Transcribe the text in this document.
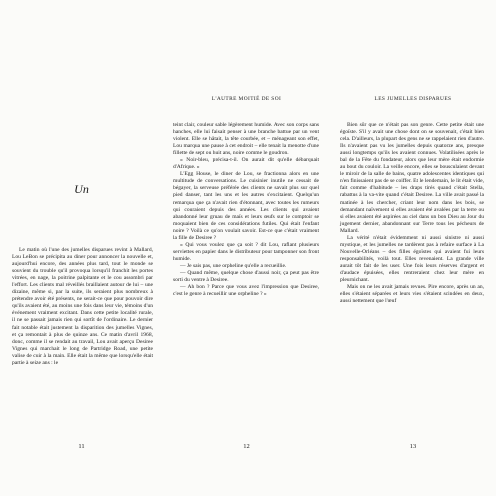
Un

Le matin où l'une des jumelles disparues revint à Mallard, Lou LeBon se précipita au diner pour annoncer la nouvelle et, aujourd'hui encore, des années plus tard, tout le monde se souvient du trouble qu'il provoqua lorsqu'il franchit les portes vitrées, en nage, la poitrine palpitante et le cou assombri par l'effort. Les clients mal réveillés braillaient autour de lui – une dizaine, même si, par la suite, ils seraient plus nombreux à prétendre avoir été présents, ne serait-ce que pour pouvoir dire qu'ils avaient été, au moins une fois dans leur vie, témoins d'un événement vraiment excitant. Dans cette petite localité rurale, il ne se passait jamais rien qui sortît de l'ordinaire. Le dernier fait notable était justement la disparition des jumelles Vignes, et ça remontait à plus de quinze ans. Ce matin d'avril 1968, donc, comme il se rendait au travail, Lou avait aperçu Desiree Vignes qui marchait le long de Partridge Road, une petite valise de cuir à la main. Elle était la même que lorsqu'elle était partie à seize ans : le

11
L'AUTRE MOITIÉ DE SOI

teint clair, couleur sable légèrement humide. Avec son corps sans hanches, elle lui faisait penser à une branche battue par un vent violent. Elle se hâtait, la tête courbée, et – ménageant son effet, Lou marqua une pause à cet endroit – elle tenait la menotte d'une fillette de sept ou huit ans, noire comme le goudron.

« Noir-bleu, précisa-t-il. On aurait dit qu'elle débarquait d'Afrique. »

L'Egg House, le diner de Lou, se fractionna alors en une multitude de conversations. Le cuisinier inutile ne cessait de bégayer, la serveuse préférée des clients ne savait plus sur quel pied danser, tant les uns et les autres s'excitaient. Quelqu'un remarqua que ça n'avait rien d'étonnant, avec toutes les rumeurs qui couraient depuis des années. Les clients qui avaient abandonné leur gruau de maïs et leurs œufs sur le comptoir se moquaient bien de ces considérations futiles. Qui était l'enfant noire ? Voilà ce qu'on voulait savoir. Est-ce que c'était vraiment la fille de Desiree ?

« Qui vous voulez que ça soit ? dit Lou, raflant plusieurs serviettes en papier dans le distributeur pour tamponner son front humide.

— Je sais pas, une orpheline qu'elle a recueillie.

— Quand même, quelque chose d'aussi noir, ça peut pas être sorti du ventre à Desiree.

— Ah bon ? Parce que vous avez l'impression que Desiree, c'est le genre à recueillir une orpheline ? »

12
LES JUMELLES DISPARUES

Bien sûr que ce n'était pas son genre. Cette petite était une égoïste. S'il y avait une chose dont on se souvenait, c'était bien cela. D'ailleurs, la plupart des gens ne se rappelaient rien d'autre. Ils n'avaient pas vu les jumelles depuis quatorze ans, presque aussi longtemps qu'ils les avaient connues. Volatilisées après le bal de la Fête du fondateur, alors que leur mère était endormie au bout du couloir. La veille encore, elles se bousculaient devant le miroir de la salle de bains, quatre adolescentes identiques qui n'en finissaient pas de se coiffer. Et le lendemain, le lit était vide, fait comme d'habitude – les draps tirés quand c'était Stella, rabattus à la va-vite quand c'était Desiree. La ville avait passé la matinée à les chercher, criant leur nom dans les bois, se demandant naïvement si elles avaient été avalées par la terre ou si elles avaient été aspirées au ciel dans un bon Dieu au Jour du jugement dernier, abandonnant sur Terre tous les pécheurs de Mallard.

La vérité n'était évidemment ni aussi sinistre ni aussi mystique, et les jumelles ne tardèrent pas à refaire surface à La Nouvelle-Orléans – des filles égoïstes qui avaient fui leurs responsabilités, voilà tout. Elles revenaient. La grande ville aurait tôt fait de les user. Une fois leurs réserves d'argent et d'audace épuisées, elles rentreraient chez leur mère en pleurnichant.

Mais on ne les avait jamais revues. Pire encore, après un an, elles s'étaient séparées et leurs vies s'étaient scindées en deux, aussi nettement que l'œuf

13
